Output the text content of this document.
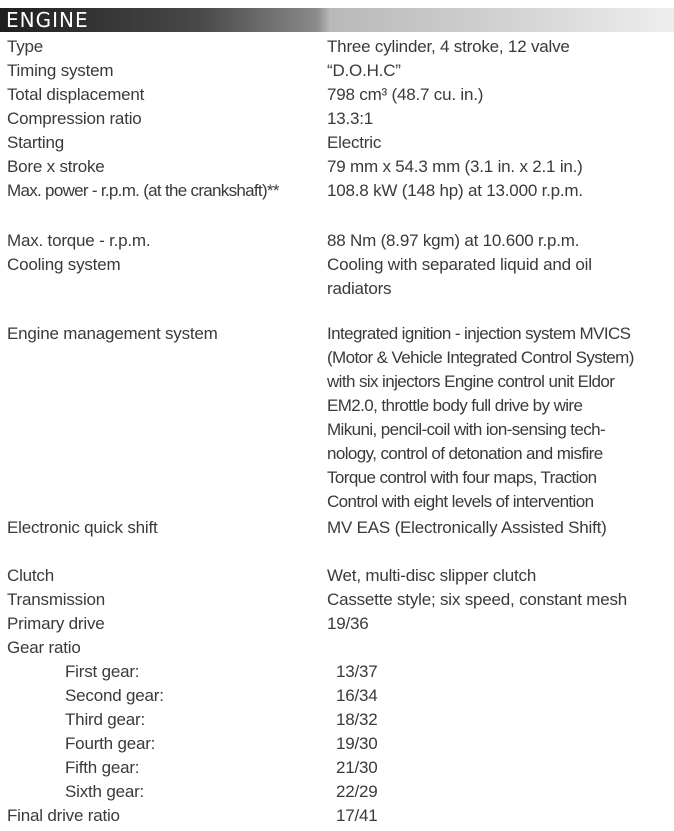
ENGINE
Type	Three cylinder, 4 stroke, 12 valve
Timing system	“D.O.H.C”
Total displacement	798 cm³ (48.7 cu. in.)
Compression ratio	13.3:1
Starting	Electric
Bore x stroke	79 mm x 54.3 mm (3.1 in. x 2.1 in.)
Max. power - r.p.m. (at the crankshaft)**	108.8 kW (148 hp) at 13.000 r.p.m.
Max. torque - r.p.m.	88 Nm (8.97 kgm) at 10.600 r.p.m.
Cooling system	Cooling with separated liquid and oil
radiators
Engine management system	Integrated ignition - injection system MVICS
(Motor & Vehicle Integrated Control System)
with six injectors Engine control unit Eldor
EM2.0, throttle body full drive by wire
Mikuni, pencil-coil with ion-sensing tech-
nology, control of detonation and misfire
Torque control with four maps, Traction
Control with eight levels of intervention
Electronic quick shift	MV EAS (Electronically Assisted Shift)
Clutch	Wet, multi-disc slipper clutch
Transmission	Cassette style; six speed, constant mesh
Primary drive	19/36
Gear ratio
First gear:	13/37
Second gear:	16/34
Third gear:	18/32
Fourth gear:	19/30
Fifth gear:	21/30
Sixth gear:	22/29
Final drive ratio	17/41
